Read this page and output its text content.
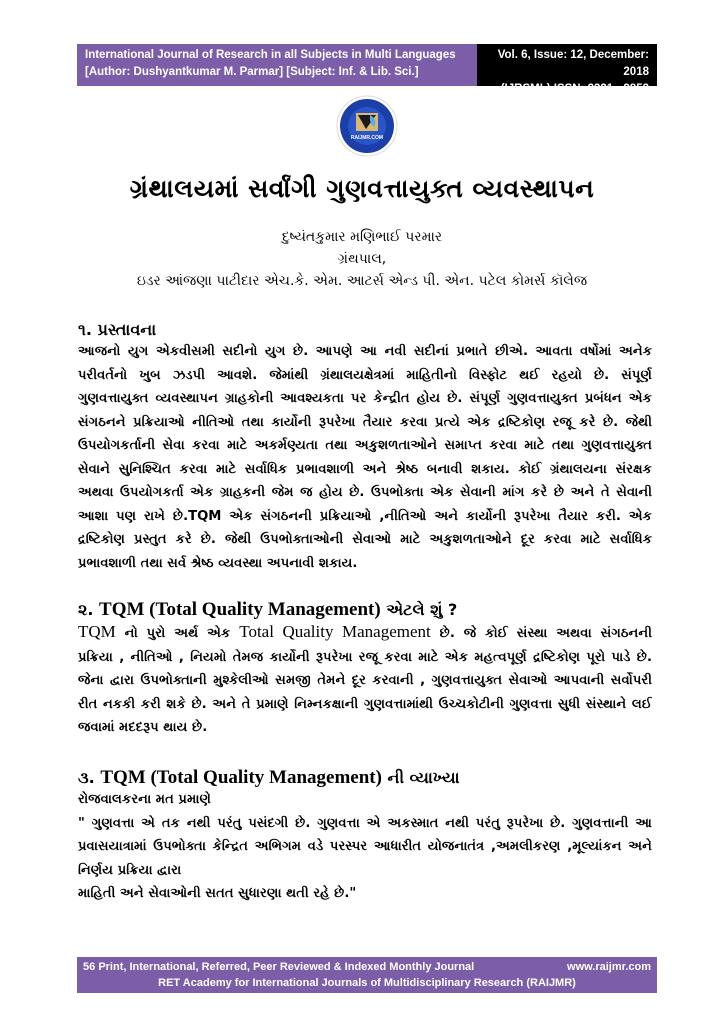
International Journal of Research in all Subjects in Multi Languages
[Author: Dushyantkumar M. Parmar] [Subject: Inf. & Lib. Sci.]
Vol. 6, Issue: 12, December: 2018
(IJRSML) ISSN: 2321 - 2853
RAIJMR.COM
ગ્રંથાલયમાં સર્વાંગી ગુણવત્તાયુક્ત વ્યવસ્થાપન
દુષ્યંતકુમાર મણિભાઈ પરમાર
ગ્રંથપાલ,
ઇડર આંજણા પાટીદાર એચ.કે. એમ. આટર્સ એન્ડ પી. એન. પટેલ કોમર્સ કૉલેજ
૧. પ્રસ્તાવના
આજનો યુગ એકવીસમી સદીનો યુગ છે. આપણે આ નવી સદીનાં પ્રભાતે છીએ. આવતા વર્ષોમાં અનેક
પરીવર્તનો ખુબ ઝડપી આવશે. જેમાંથી ગ્રંથાલયક્ષેત્રમાં માહિતીનો વિસ્ફોટ થઈ રહયો છે. સંપૂર્ણ
ગુણવત્તાયુક્ત વ્યવસ્થાપન ગ્રાહકોની આવશ્યકતા પર કેન્દ્રીત હોય છે. સંપૂર્ણ ગુણવત્તાયુક્ત પ્રબંધન એક
સંગઠનને પ્રક્રિયાઓ નીતિઓ તથા કાર્યોની રૂપરેખા તૈયાર કરવા પ્રત્યે એક દ્રષ્ટિકોણ રજૂ કરે છે. જેથી
ઉપયોગકર્તાની સેવા કરવા માટે અકર્મણ્યતા તથા અકુશળતાઓને સમાપ્ત કરવા માટે તથા ગુણવત્તાયુક્ત
સેવાને સુનિશ્ચિત કરવા માટે સર્વાધિક પ્રભાવશાળી અને શ્રેષ્ઠ બનાવી શકાય. કોઈ ગ્રંથાલયના સંરક્ષક
અથવા ઉપયોગકર્તા એક ગ્રાહકની જેમ જ હોય છે. ઉપભોક્તા એક સેવાની માંગ કરે છે અને તે સેવાની
આશા પણ રાખે છે.TQM એક સંગઠનની પ્રક્રિયાઓ ,નીતિઓ અને કાર્યોની રૂપરેખા તૈયાર કરી. એક
દ્રષ્ટિકોણ પ્રસ્તુત કરે છે. જેથી ઉપભોક્તાઓની સેવાઓ માટે અકુશળતાઓને દૂર કરવા માટે સર્વાધિક
પ્રભાવશાળી તથા સર્વ શ્રેષ્ઠ વ્યવસ્થા અપનાવી શકાય.
૨. TQM (Total Quality Management) એટલે શું ?
TQM નો પુરો અર્થ એક Total Quality Management છે. જે કોઈ સંસ્થા અથવા સંગઠનની
પ્રક્રિયા , નીતિઓ , નિયમો તેમજ કાર્યોની રૂપરેખા રજૂ કરવા માટે એક મહત્વપૂર્ણ દ્રષ્ટિકોણ પૂરો પાડે છે.
જેના દ્વારા ઉપભોક્તાની મુશ્કેલીઓ સમજી તેમને દૂર કરવાની , ગુણવત્તાયુક્ત સેવાઓ આપવાની સર્વોપરી
રીત નકકી કરી શકે છે. અને તે પ્રમાણે નિમ્નકક્ષાની ગુણવત્તામાંથી ઉચ્ચકોટીની ગુણવત્તા સુધી સંસ્થાને લઈ
જવામાં મદદરૂપ થાય છે.
૩. TQM (Total Quality Management) ની વ્યાખ્યા
રોજવાલકરના મત પ્રમાણે
" ગુણવત્તા એ તક નથી પરંતુ પસંદગી છે. ગુણવત્તા એ અકસ્માત નથી પરંતુ રૂપરેખા છે. ગુણવત્તાની આ
પ્રવાસયાત્રામાં ઉપભોક્તા કેન્દ્રિત અભિગમ વડે પરસ્પર આધારીત યોજનાતંત્ર ,અમલીકરણ ,મૂલ્યાંકન અને
નિર્ણય પ્રક્રિયા દ્વારા
માહિતી અને સેવાઓની સતત સુધારણા થતી રહે છે."
56 Print, International, Referred, Peer Reviewed & Indexed Monthly Journal	www.raijmr.com
RET Academy for International Journals of Multidisciplinary Research (RAIJMR)
